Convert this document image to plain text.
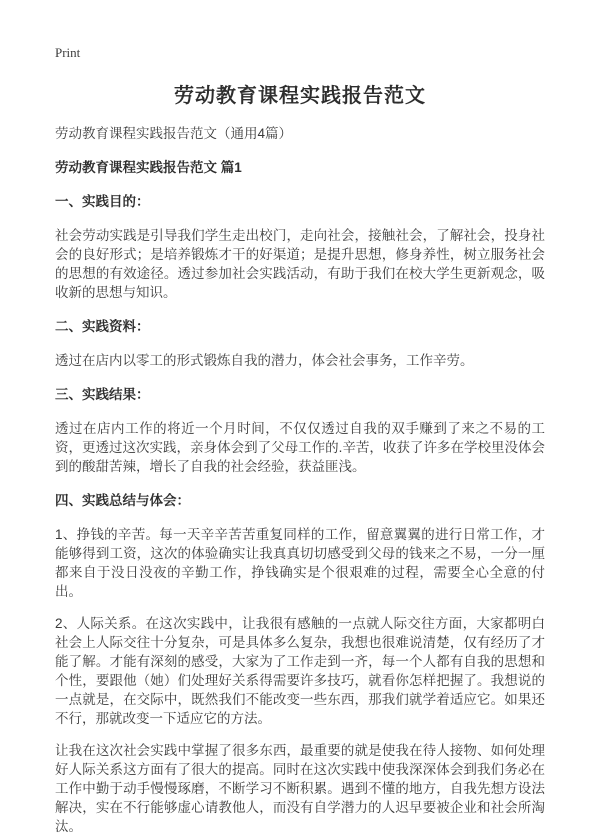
Print
劳动教育课程实践报告范文
劳动教育课程实践报告范文（通用4篇）
劳动教育课程实践报告范文 篇1
一、实践目的：
社会劳动实践是引导我们学生走出校门，走向社会，接触社会，了解社会，投身社会的良好形式；是培养锻炼才干的好渠道；是提升思想，修身养性，树立服务社会的思想的有效途径。透过参加社会实践活动，有助于我们在校大学生更新观念，吸收新的思想与知识。
二、实践资料：
透过在店内以零工的形式锻炼自我的潜力，体会社会事务，工作辛劳。
三、实践结果：
透过在店内工作的将近一个月时间，不仅仅透过自我的双手赚到了来之不易的工资，更透过这次实践，亲身体会到了父母工作的.辛苦，收获了许多在学校里没体会到的酸甜苦辣，增长了自我的社会经验，获益匪浅。
四、实践总结与体会：
1、挣钱的辛苦。每一天辛辛苦苦重复同样的工作，留意翼翼的进行日常工作，才能够得到工资，这次的体验确实让我真真切切感受到父母的钱来之不易，一分一厘都来自于没日没夜的辛勤工作，挣钱确实是个很艰难的过程，需要全心全意的付出。
2、人际关系。在这次实践中，让我很有感触的一点就人际交往方面，大家都明白社会上人际交往十分复杂，可是具体多么复杂，我想也很难说清楚，仅有经历了才能了解。才能有深刻的感受，大家为了工作走到一齐，每一个人都有自我的思想和个性，要跟他（她）们处理好关系得需要许多技巧，就看你怎样把握了。我想说的一点就是，在交际中，既然我们不能改变一些东西，那我们就学着适应它。如果还不行，那就改变一下适应它的方法。
让我在这次社会实践中掌握了很多东西，最重要的就是使我在待人接物、如何处理好人际关系这方面有了很大的提高。同时在这次实践中使我深深体会到我们务必在工作中勤于动手慢慢琢磨，不断学习不断积累。遇到不懂的地方，自我先想方设法解决，实在不行能够虚心请教他人，而没有自学潜力的人迟早要被企业和社会所淘汰。
